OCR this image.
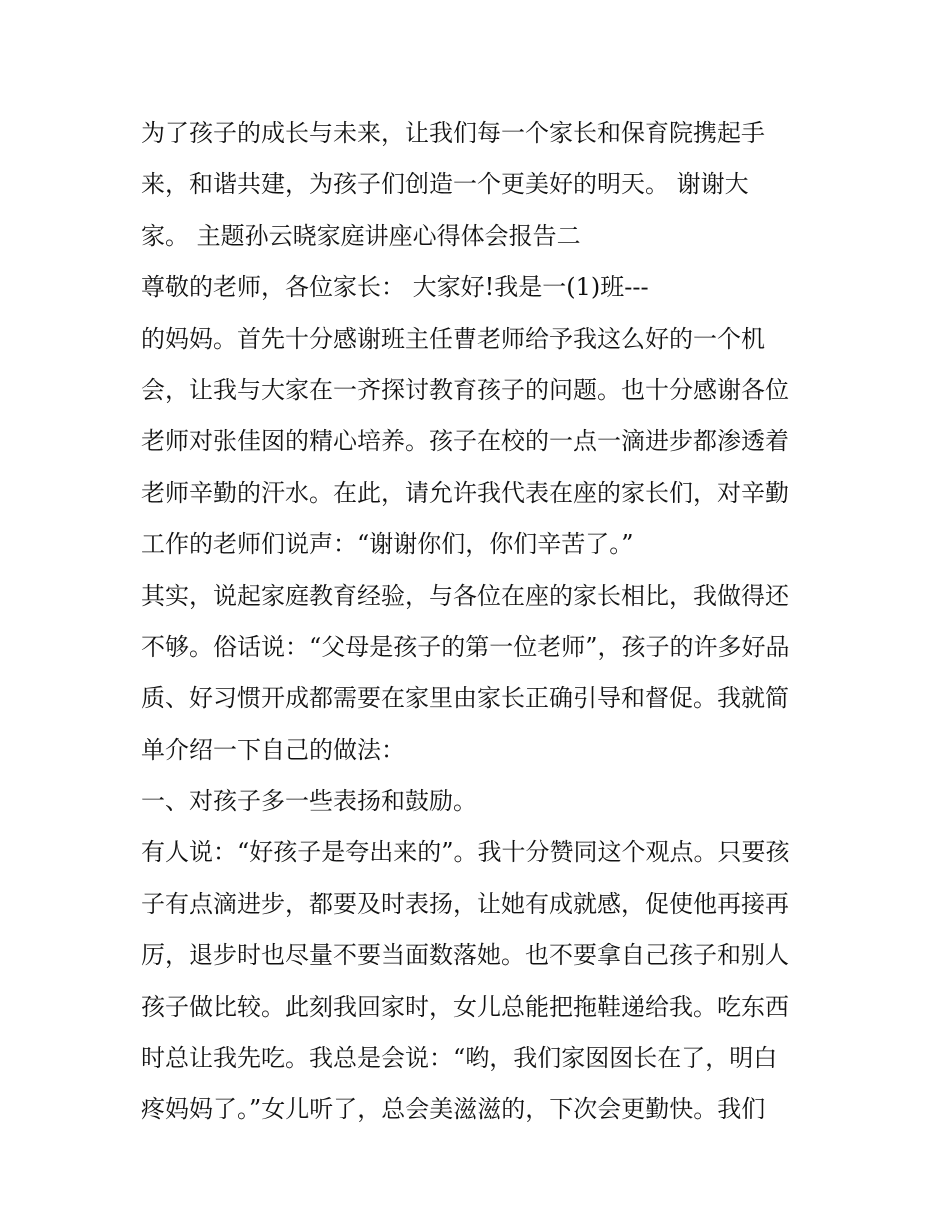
为了孩子的成长与未来，让我们每一个家长和保育院携起手
来，和谐共建，为孩子们创造一个更美好的明天。 谢谢大
家。 主题孙云晓家庭讲座心得体会报告二
尊敬的老师，各位家长： 大家好!我是一(1)班---
的妈妈。首先十分感谢班主任曹老师给予我这么好的一个机
会，让我与大家在一齐探讨教育孩子的问题。也十分感谢各位
老师对张佳囡的精心培养。孩子在校的一点一滴进步都渗透着
老师辛勤的汗水。在此，请允许我代表在座的家长们，对辛勤
工作的老师们说声：“谢谢你们，你们辛苦了。”
其实，说起家庭教育经验，与各位在座的家长相比，我做得还
不够。俗话说：“父母是孩子的第一位老师”，孩子的许多好品
质、好习惯开成都需要在家里由家长正确引导和督促。我就简
单介绍一下自己的做法：
一、对孩子多一些表扬和鼓励。
有人说：“好孩子是夸出来的”。我十分赞同这个观点。只要孩
子有点滴进步，都要及时表扬，让她有成就感，促使他再接再
厉，退步时也尽量不要当面数落她。也不要拿自己孩子和别人
孩子做比较。此刻我回家时，女儿总能把拖鞋递给我。吃东西
时总让我先吃。我总是会说：“哟，我们家囡囡长在了，明白
疼妈妈了。”女儿听了，总会美滋滋的，下次会更勤快。我们
